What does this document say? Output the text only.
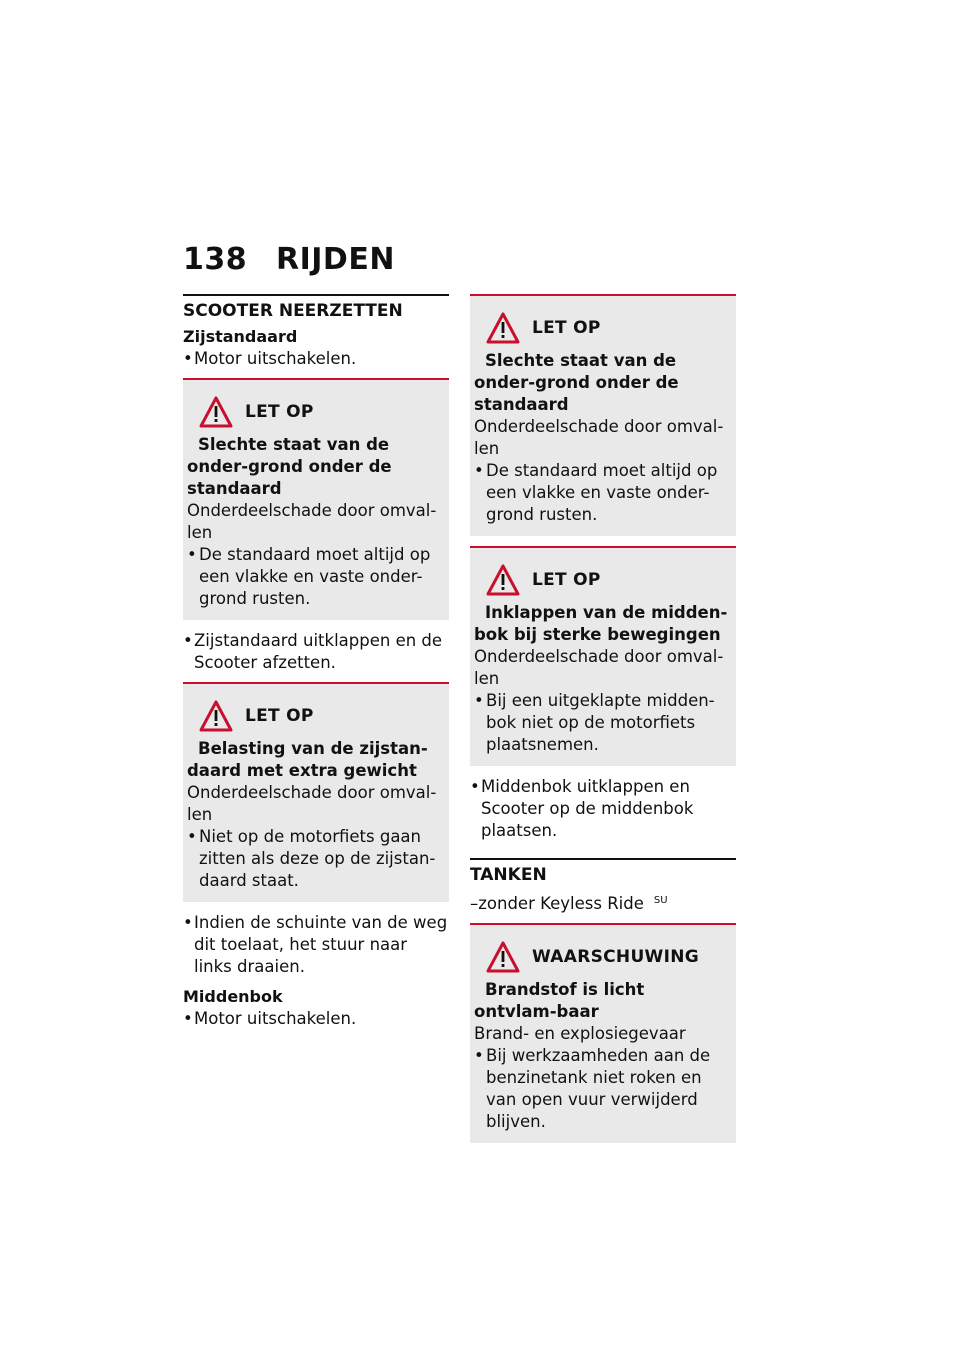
138 RIJDEN
SCOOTER NEERZETTEN
Zijstandaard
• Motor uitschakelen.
LET OP
Slechte staat van de onder-grond onder de standaard
Onderdeelschade door omval-len
• De standaard moet altijd op een vlakke en vaste onder-grond rusten.
• Zijstandaard uitklappen en de Scooter afzetten.
LET OP
Belasting van de zijstan-daard met extra gewicht
Onderdeelschade door omval-len
• Niet op de motorfiets gaan zitten als deze op de zijstan-daard staat.
• Indien de schuinte van de weg dit toelaat, het stuur naar links draaien.
Middenbok
• Motor uitschakelen.
LET OP
Slechte staat van de onder-grond onder de standaard
Onderdeelschade door omval-len
• De standaard moet altijd op een vlakke en vaste onder-grond rusten.
LET OP
Inklappen van de midden-bok bij sterke bewegingen
Onderdeelschade door omval-len
• Bij een uitgeklapte midden-bok niet op de motorfiets plaatsnemen.
• Middenbok uitklappen en Scooter op de middenbok plaatsen.
TANKEN
–zonder Keyless Ride $^{SU}$
WAARSCHUWING
Brandstof is licht ontvlam-baar
Brand- en explosiegevaar
• Bij werkzaamheden aan de benzinetank niet roken en van open vuur verwijderd blijven.
